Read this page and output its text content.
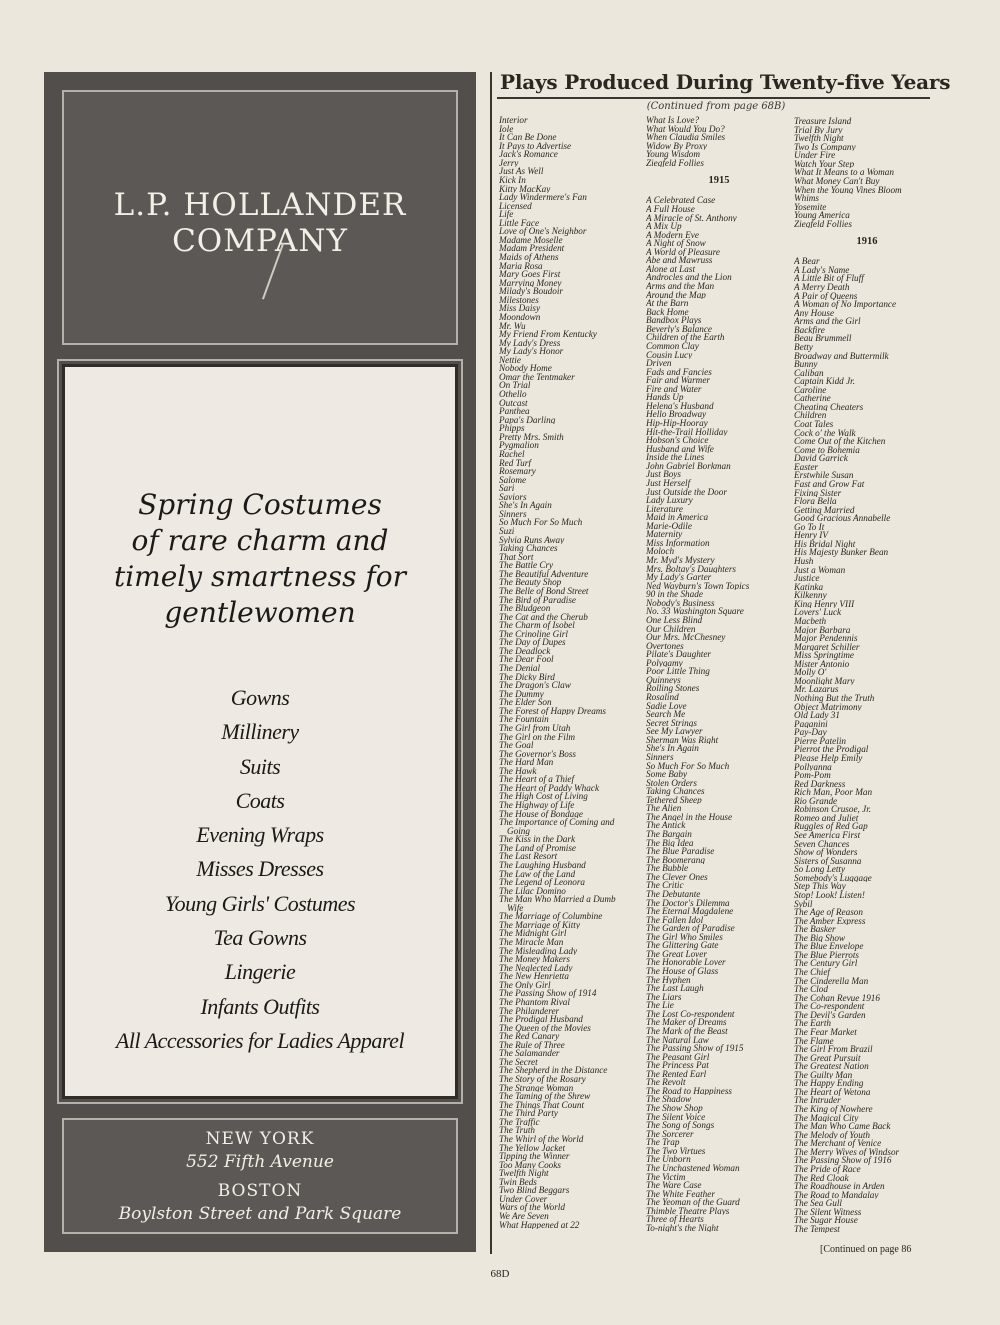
L.P. HOLLANDER COMPANY
Spring Costumes
of rare charm and
timely smartness for
gentlewomen
Gowns
Millinery
Suits
Coats
Evening Wraps
Misses Dresses
Young Girls' Costumes
Tea Gowns
Lingerie
Infants Outfits
All Accessories for Ladies Apparel
NEW YORK
552 Fifth Avenue
BOSTON
Boylston Street and Park Square
Plays Produced During Twenty-five Years
(Continued from page 68B)
Interior
Iole
It Can Be Done
It Pays to Advertise
Jack's Romance
Jerry
Just As Well
Kick In
Kitty MacKay
Lady Windermere's Fan
Licensed
Life
Little Face
Love of One's Neighbor
Madame Moselle
Madam President
Maids of Athens
Maria Rosa
Mary Goes First
Marrying Money
Milady's Boudoir
Milestones
Miss Daisy
Moondown
Mr. Wu
My Friend From Kentucky
My Lady's Dress
My Lady's Honor
Nettie
Nobody Home
Omar the Tentmaker
On Trial
Othello
Outcast
Panthea
Papa's Darling
Phipps
Pretty Mrs. Smith
Pygmalion
Rachel
Red Turf
Rosemary
Salome
Sari
Saviors
She's In Again
Sinners
So Much For So Much
Suzi
Sylvia Runs Away
Taking Chances
That Sort
The Battle Cry
The Beautiful Adventure
The Beauty Shop
The Belle of Bond Street
The Bird of Paradise
The Bludgeon
The Cat and the Cherub
The Charm of Isobel
The Crinoline Girl
The Day of Dupes
The Deadlock
The Dear Fool
The Denial
The Dicky Bird
The Dragon's Claw
The Dummy
The Elder Son
The Forest of Happy Dreams
The Fountain
The Girl from Utah
The Girl on the Film
The Goal
The Governor's Boss
The Hard Man
The Hawk
The Heart of a Thief
The Heart of Paddy Whack
The High Cost of Living
The Highway of Life
The House of Bondage
The Importance of Coming and
Going
The Kiss in the Dark
The Land of Promise
The Last Resort
The Laughing Husband
The Law of the Land
The Legend of Leonora
The Lilac Domino
The Man Who Married a Dumb
Wife
The Marriage of Columbine
The Marriage of Kitty
The Midnight Girl
The Miracle Man
The Misleading Lady
The Money Makers
The Neglected Lady
The New Henrietta
The Only Girl
The Passing Show of 1914
The Phantom Rival
The Philanderer
The Prodigal Husband
The Queen of the Movies
The Red Canary
The Rule of Three
The Salamander
The Secret
The Shepherd in the Distance
The Story of the Rosary
The Strange Woman
The Taming of the Shrew
The Things That Count
The Third Party
The Traffic
The Truth
The Whirl of the World
The Yellow Jacket
Tipping the Winner
Too Many Cooks
Twelfth Night
Twin Beds
Two Blind Beggars
Under Cover
Wars of the World
We Are Seven
What Happened at 22
What Is Love?
What Would You Do?
When Claudia Smiles
Widow By Proxy
Young Wisdom
Ziegfeld Follies
1915
A Celebrated Case
A Full House
A Miracle of St. Anthony
A Mix Up
A Modern Eve
A Night of Snow
A World of Pleasure
Abe and Mawruss
Alone at Last
Androcles and the Lion
Arms and the Man
Around the Map
At the Barn
Back Home
Bandbox Plays
Beverly's Balance
Children of the Earth
Common Clay
Cousin Lucy
Driven
Fads and Fancies
Fair and Warmer
Fire and Water
Hands Up
Helena's Husband
Hello Broadway
Hip-Hip-Hooray
Hit-the-Trail Holliday
Hobson's Choice
Husband and Wife
Inside the Lines
John Gabriel Borkman
Just Boys
Just Herself
Just Outside the Door
Lady Luxury
Literature
Maid in America
Marie-Odile
Maternity
Miss Information
Moloch
Mr. Myd's Mystery
Mrs. Boltay's Daughters
My Lady's Garter
Ned Wayburn's Town Topics
90 in the Shade
Nobody's Business
No. 33 Washington Square
One Less Blind
Our Children
Our Mrs. McChesney
Overtones
Pilate's Daughter
Polygamy
Poor Little Thing
Quinneys
Rolling Stones
Rosalind
Sadie Love
Search Me
Secret Strings
See My Lawyer
Sherman Was Right
She's In Again
Sinners
So Much For So Much
Some Baby
Stolen Orders
Taking Chances
Tethered Sheep
The Alien
The Angel in the House
The Antick
The Bargain
The Big Idea
The Blue Paradise
The Boomerang
The Bubble
The Clever Ones
The Critic
The Debutante
The Doctor's Dilemma
The Eternal Magdalene
The Fallen Idol
The Garden of Paradise
The Girl Who Smiles
The Glittering Gate
The Great Lover
The Honorable Lover
The House of Glass
The Hyphen
The Last Laugh
The Liars
The Lie
The Lost Co-respondent
The Maker of Dreams
The Mark of the Beast
The Natural Law
The Passing Show of 1915
The Peasant Girl
The Princess Pat
The Rented Earl
The Revolt
The Road to Happiness
The Shadow
The Show Shop
The Silent Voice
The Song of Songs
The Sorcerer
The Trap
The Two Virtues
The Unborn
The Unchastened Woman
The Victim
The Ware Case
The White Feather
The Yeoman of the Guard
Thimble Theatre Plays
Three of Hearts
To-night's the Night
Treasure Island
Trial By Jury
Twelfth Night
Two Is Company
Under Fire
Watch Your Step
What It Means to a Woman
What Money Can't Buy
When the Young Vines Bloom
Whims
Yosemite
Young America
Ziegfeld Follies
1916
A Bear
A Lady's Name
A Little Bit of Fluff
A Merry Death
A Pair of Queens
A Woman of No Importance
Any House
Arms and the Girl
Backfire
Beau Brummell
Betty
Broadway and Buttermilk
Bunny
Caliban
Captain Kidd Jr.
Caroline
Catherine
Cheating Cheaters
Children
Coat Tales
Cock o' the Walk
Come Out of the Kitchen
Come to Bohemia
David Garrick
Easter
Erstwhile Susan
Fast and Grow Fat
Fixing Sister
Flora Bella
Getting Married
Good Gracious Annabelle
Go To It
Henry IV
His Bridal Night
His Majesty Bunker Bean
Hush
Just a Woman
Justice
Katinka
Kilkenny
King Henry VIII
Lovers' Luck
Macbeth
Major Barbara
Major Pendennis
Margaret Schiller
Miss Springtime
Mister Antonio
Molly O'
Moonlight Mary
Mr. Lazarus
Nothing But the Truth
Object Matrimony
Old Lady 31
Paganini
Pay-Day
Pierre Patelin
Pierrot the Prodigal
Please Help Emily
Pollyanna
Pom-Pom
Red Darkness
Rich Man, Poor Man
Rio Grande
Robinson Crusoe, Jr.
Romeo and Juliet
Ruggles of Red Gap
See America First
Seven Chances
Show of Wonders
Sisters of Susanna
So Long Letty
Somebody's Luggage
Step This Way
Stop! Look! Listen!
Sybil
The Age of Reason
The Amber Express
The Basker
The Big Show
The Blue Envelope
The Blue Pierrots
The Century Girl
The Chief
The Cinderella Man
The Clod
The Cohan Revue 1916
The Co-respondent
The Devil's Garden
The Earth
The Fear Market
The Flame
The Girl From Brazil
The Great Pursuit
The Greatest Nation
The Guilty Man
The Happy Ending
The Heart of Wetona
The Intruder
The King of Nowhere
The Magical City
The Man Who Came Back
The Melody of Youth
The Merchant of Venice
The Merry Wives of Windsor
The Passing Show of 1916
The Pride of Race
The Red Cloak
The Roadhouse in Arden
The Road to Mandalay
The Sea Gull
The Silent Witness
The Sugar House
The Tempest
[Continued on page 86
68D
